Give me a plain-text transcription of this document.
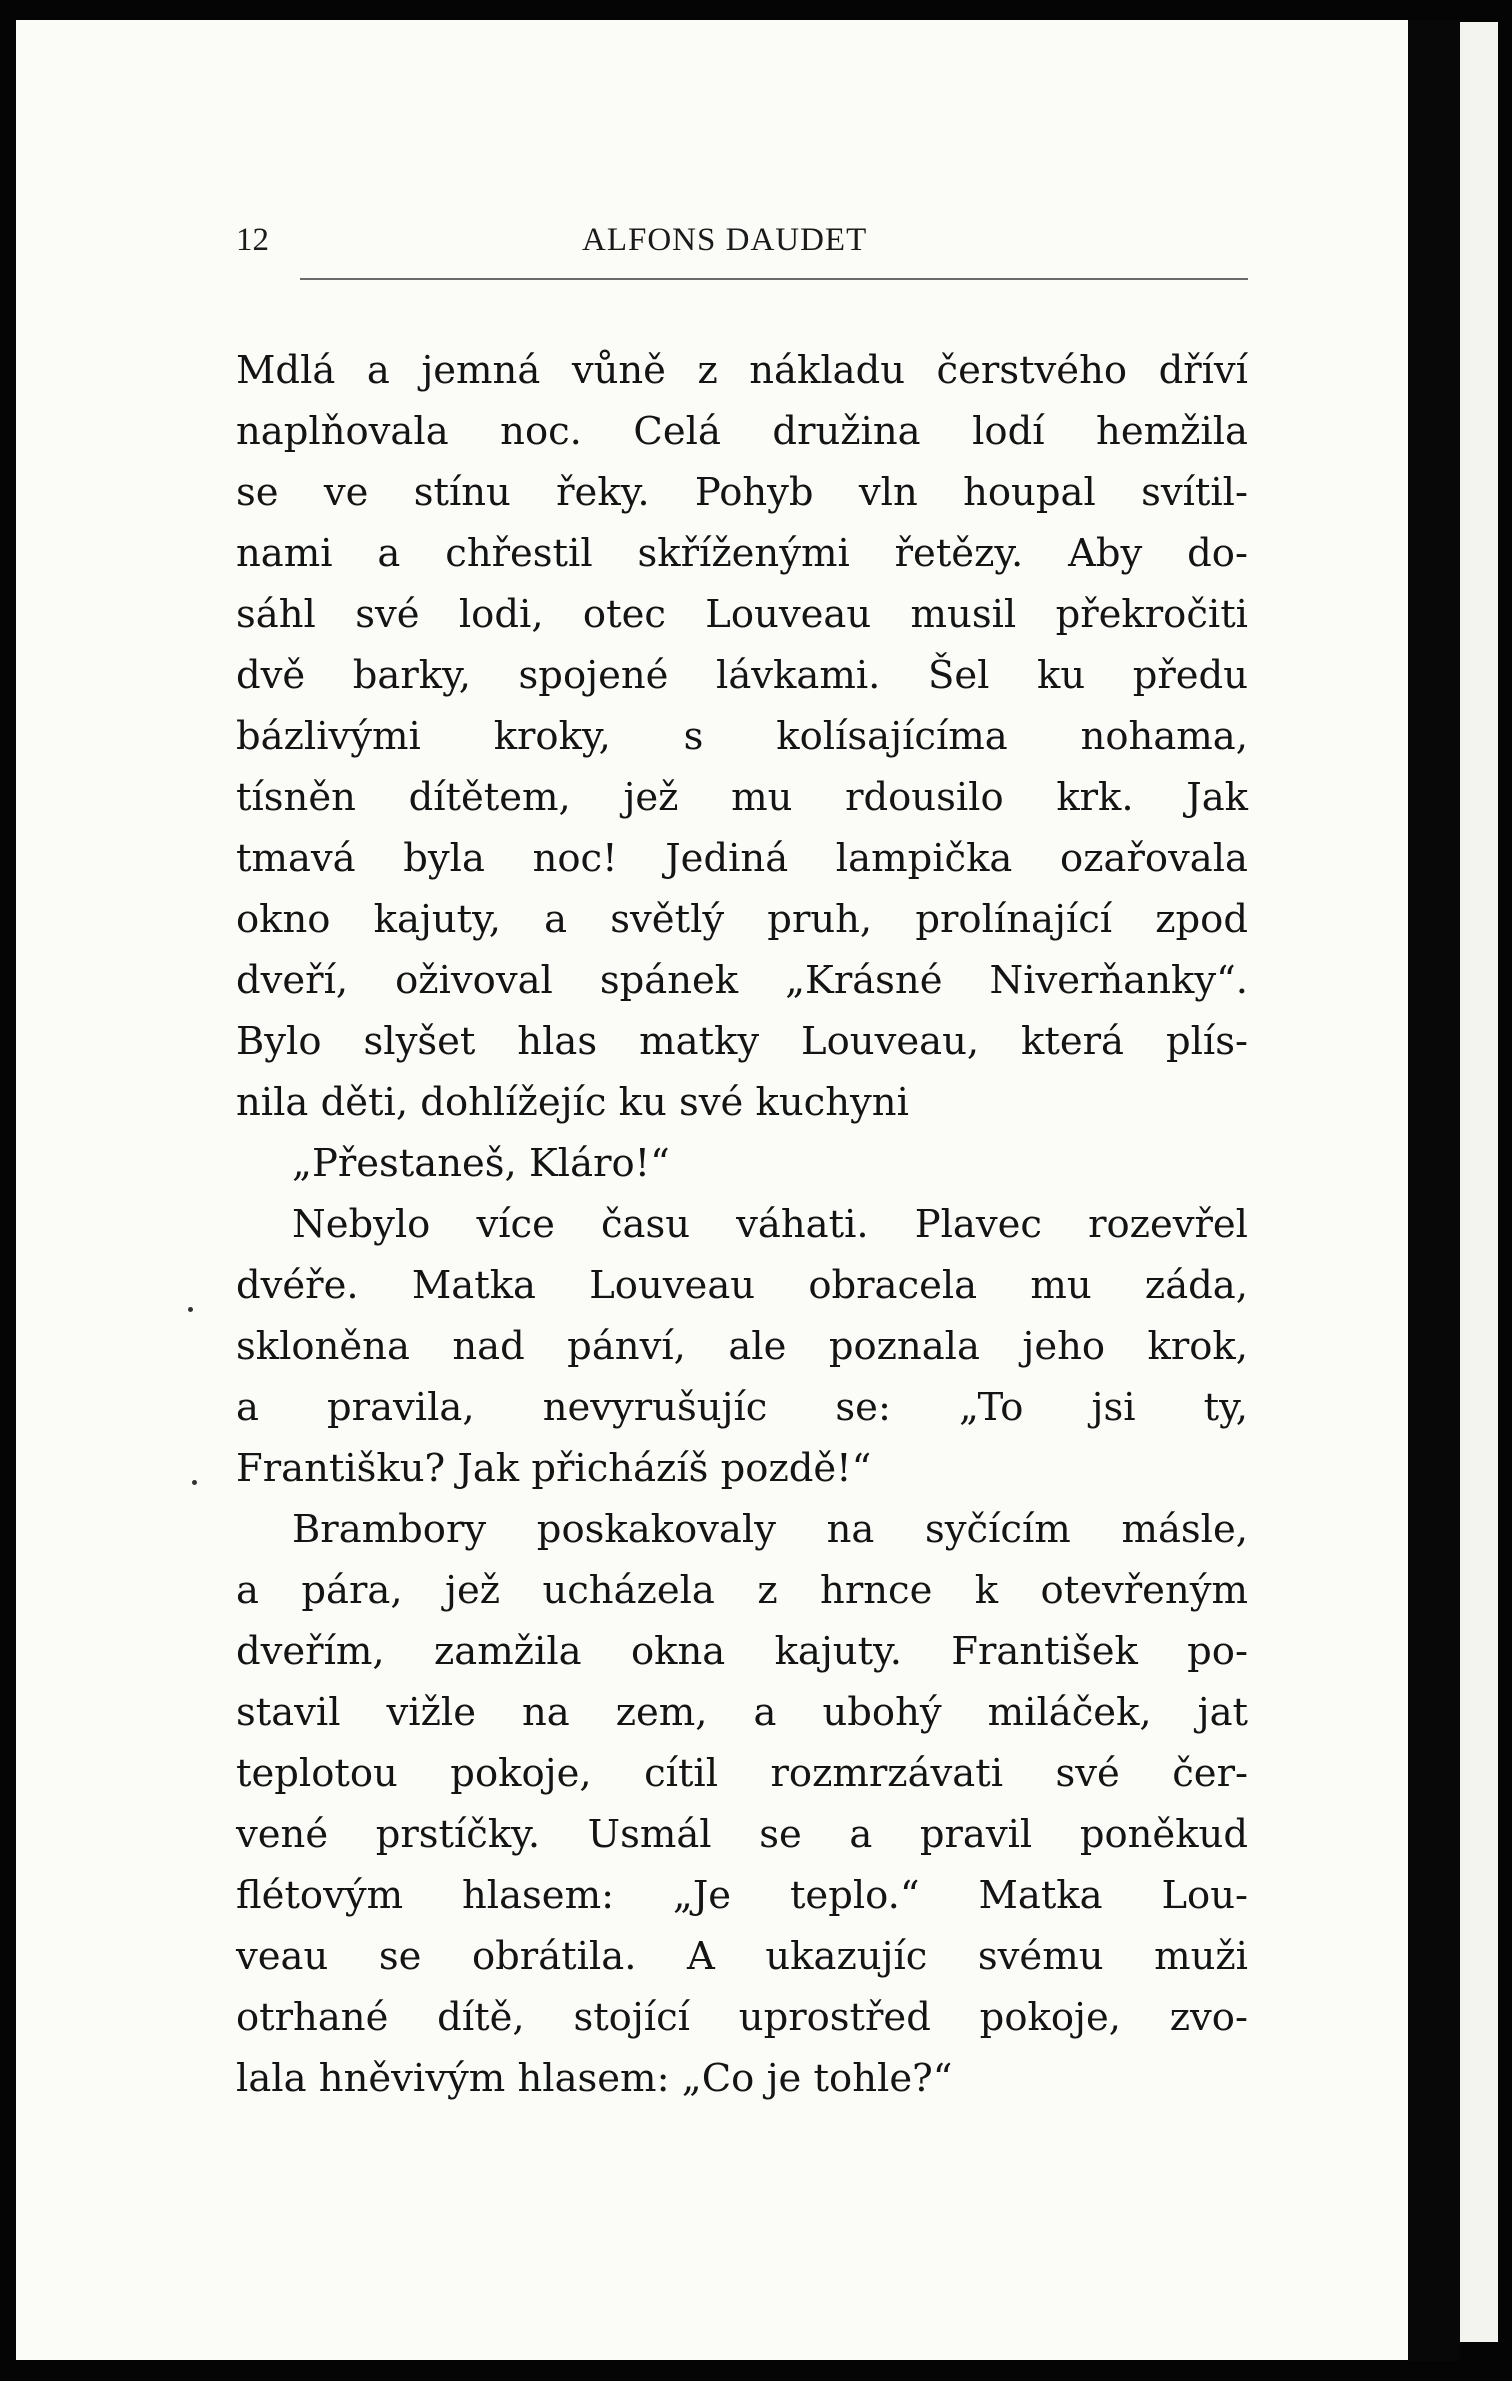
12	ALFONS DAUDET
Mdlá a jemná vůně z nákladu čerstvého dříví
naplňovala noc. Celá družina lodí hemžila
se ve stínu řeky. Pohyb vln houpal svítil-
nami a chřestil skříženými řetězy. Aby do-
sáhl své lodi, otec Louveau musil překročiti
dvě barky, spojené lávkami. Šel ku předu
bázlivými kroky, s kolísajícíma nohama,
tísněn dítětem, jež mu rdousilo krk. Jak
tmavá byla noc! Jediná lampička ozařovala
okno kajuty, a světlý pruh, prolínající zpod
dveří, oživoval spánek „Krásné Niverňanky“.
Bylo slyšet hlas matky Louveau, která plís-
nila děti, dohlížejíc ku své kuchyni
„Přestaneš, Kláro!“
Nebylo více času váhati. Plavec rozevřel
dvéře. Matka Louveau obracela mu záda,
skloněna nad pánví, ale poznala jeho krok,
a pravila, nevyrušujíc se: „To jsi ty,
Františku? Jak přicházíš pozdě!“
Brambory poskakovaly na syčícím másle,
a pára, jež ucházela z hrnce k otevřeným
dveřím, zamžila okna kajuty. František po-
stavil vižle na zem, a ubohý miláček, jat
teplotou pokoje, cítil rozmrzávati své čer-
vené prstíčky. Usmál se a pravil poněkud
flétovým hlasem: „Je teplo.“ Matka Lou-
veau se obrátila. A ukazujíc svému muži
otrhané dítě, stojící uprostřed pokoje, zvo-
lala hněvivým hlasem: „Co je tohle?“
